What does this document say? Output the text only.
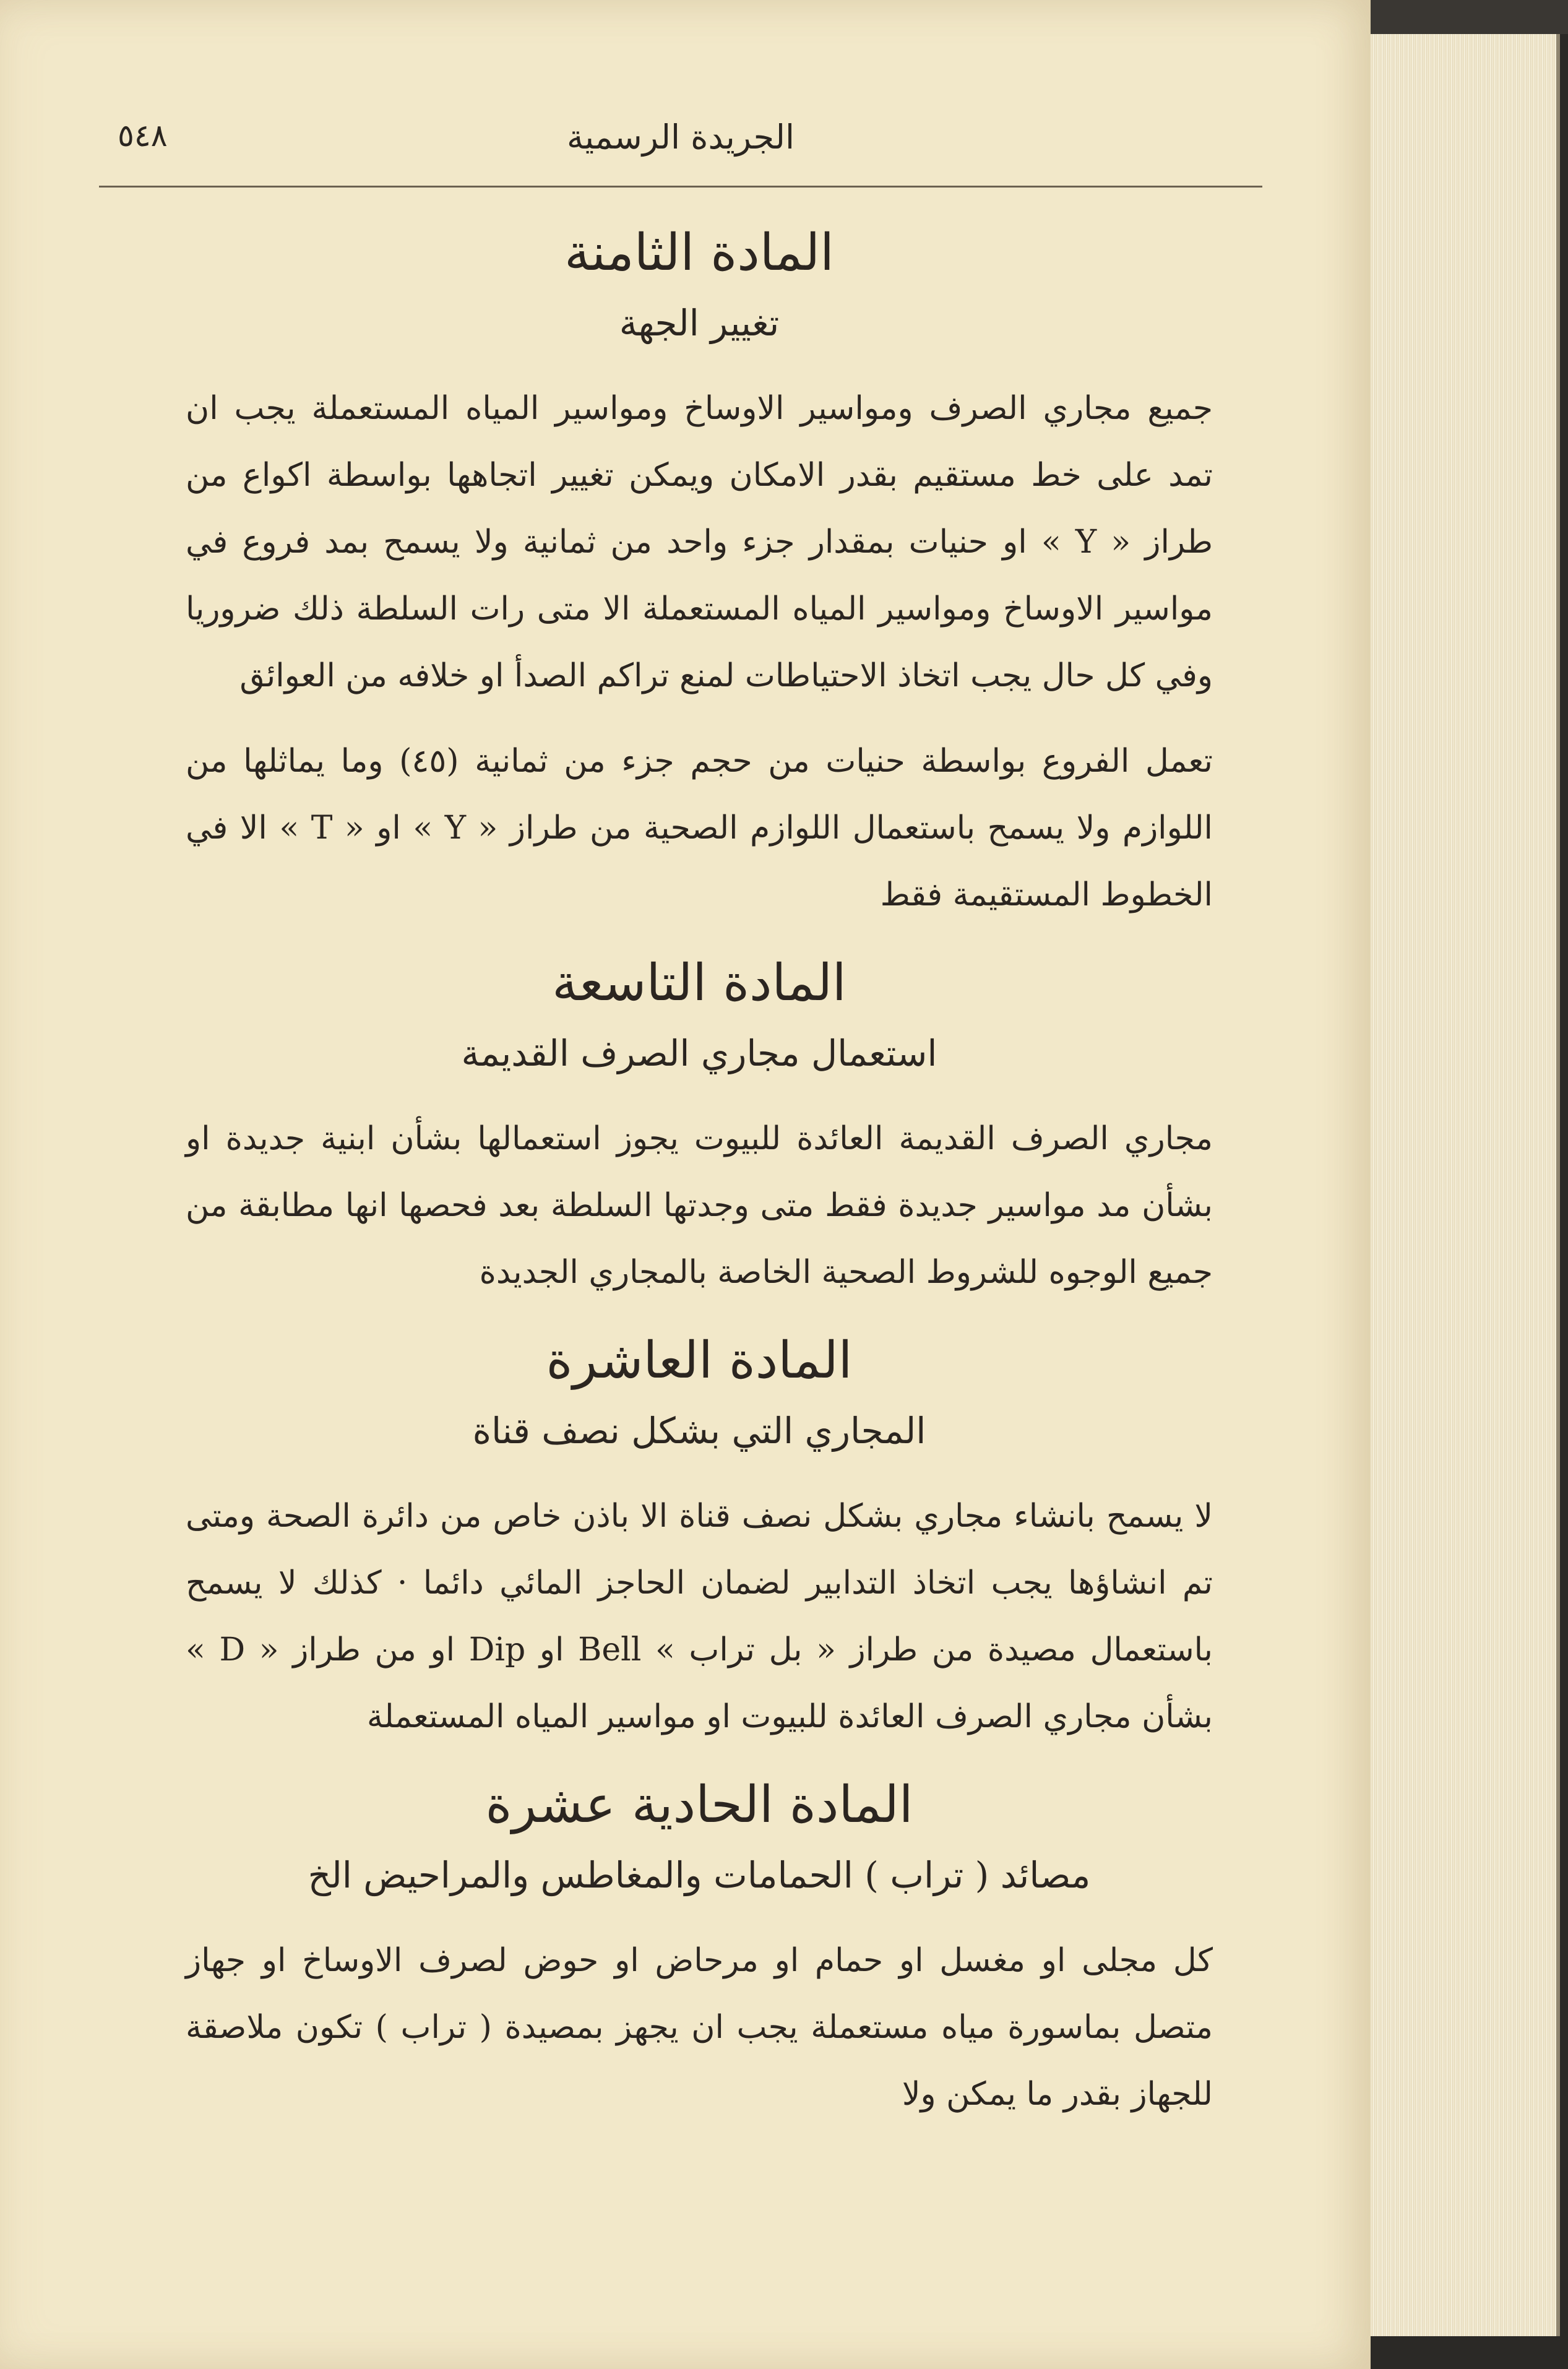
٥٤٨	الجريدة الرسمية
المادة الثامنة
تغيير الجهة

جميع مجاري الصرف ومواسير الاوساخ ومواسير المياه المستعملة يجب ان تمد على خط مستقيم بقدر الامكان ويمكن تغيير اتجاهها بواسطة اكواع من طراز « Y » او حنيات بمقدار جزء واحد من ثمانية ولا يسمح بمد فروع في مواسير الاوساخ ومواسير المياه المستعملة الا متى رات السلطة ذلك ضروريا وفي كل حال يجب اتخاذ الاحتياطات لمنع تراكم الصدأ او خلافه من العوائق

تعمل الفروع بواسطة حنيات من حجم جزء من ثمانية (٤٥) وما يماثلها من اللوازم ولا يسمح باستعمال اللوازم الصحية من طراز « Y » او « T » الا في الخطوط المستقيمة فقط

المادة التاسعة
استعمال مجاري الصرف القديمة

مجاري الصرف القديمة العائدة للبيوت يجوز استعمالها بشأن ابنية جديدة او بشأن مد مواسير جديدة فقط متى وجدتها السلطة بعد فحصها انها مطابقة من جميع الوجوه للشروط الصحية الخاصة بالمجاري الجديدة

المادة العاشرة
المجاري التي بشكل نصف قناة

لا يسمح بانشاء مجاري بشكل نصف قناة الا باذن خاص من دائرة الصحة ومتى تم انشاؤها يجب اتخاذ التدابير لضمان الحاجز المائي دائما · كذلك لا يسمح باستعمال مصيدة من طراز « بل تراب » Bell او Dip او من طراز « D » بشأن مجاري الصرف العائدة للبيوت او مواسير المياه المستعملة

المادة الحادية عشرة
مصائد ( تراب ) الحمامات والمغاطس والمراحيض الخ

كل مجلى او مغسل او حمام او مرحاض او حوض لصرف الاوساخ او جهاز متصل بماسورة مياه مستعملة يجب ان يجهز بمصيدة ( تراب ) تكون ملاصقة للجهاز بقدر ما يمكن ولا
